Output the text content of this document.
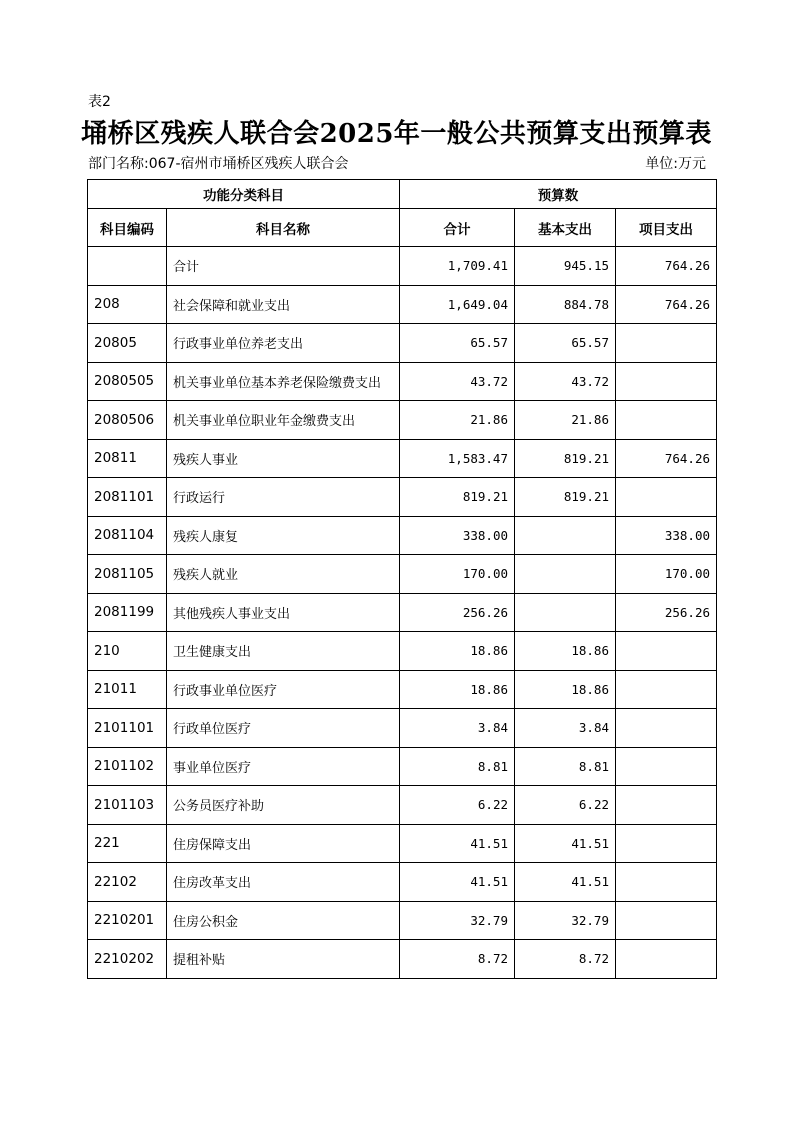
表2
埇桥区残疾人联合会2025年一般公共预算支出预算表
部门名称:067-宿州市埇桥区残疾人联合会	单位:万元
功能分类科目		预算数		
科目编码	科目名称	合计	基本支出	项目支出
	合计	1,709.41	945.15	764.26
208	社会保障和就业支出	1,649.04	884.78	764.26
20805	行政事业单位养老支出	65.57	65.57	
2080505	机关事业单位基本养老保险缴费支出	43.72	43.72	
2080506	机关事业单位职业年金缴费支出	21.86	21.86	
20811	残疾人事业	1,583.47	819.21	764.26
2081101	行政运行	819.21	819.21	
2081104	残疾人康复	338.00		338.00
2081105	残疾人就业	170.00		170.00
2081199	其他残疾人事业支出	256.26		256.26
210	卫生健康支出	18.86	18.86	
21011	行政事业单位医疗	18.86	18.86	
2101101	行政单位医疗	3.84	3.84	
2101102	事业单位医疗	8.81	8.81	
2101103	公务员医疗补助	6.22	6.22	
221	住房保障支出	41.51	41.51	
22102	住房改革支出	41.51	41.51	
2210201	住房公积金	32.79	32.79	
2210202	提租补贴	8.72	8.72	
